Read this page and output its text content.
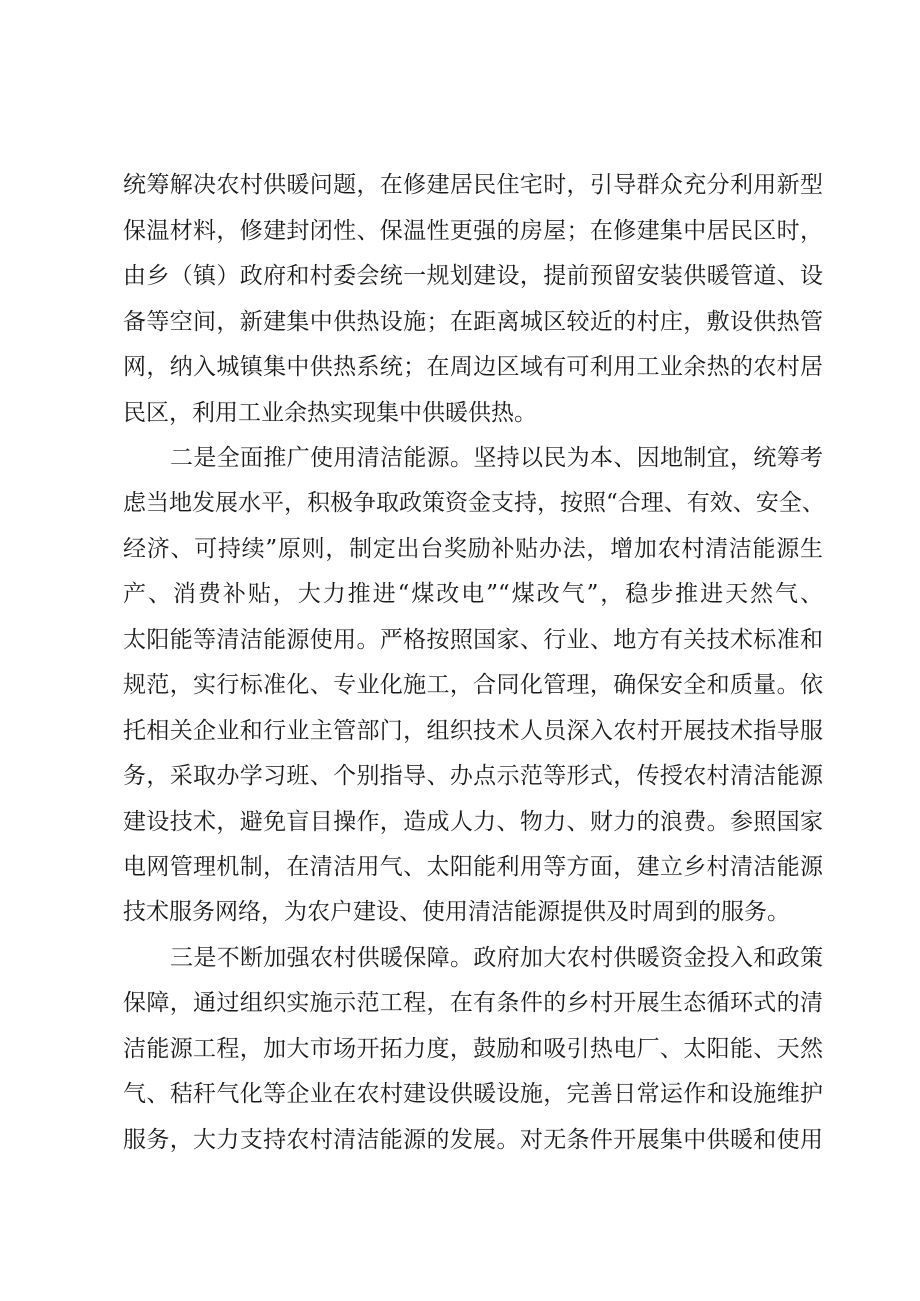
统筹解决农村供暖问题，在修建居民住宅时，引导群众充分利用新型
保温材料，修建封闭性、保温性更强的房屋；在修建集中居民区时，
由乡（镇）政府和村委会统一规划建设，提前预留安装供暖管道、设
备等空间，新建集中供热设施；在距离城区较近的村庄，敷设供热管
网，纳入城镇集中供热系统；在周边区域有可利用工业余热的农村居
民区，利用工业余热实现集中供暖供热。
二是全面推广使用清洁能源。坚持以民为本、因地制宜，统筹考
虑当地发展水平，积极争取政策资金支持，按照“合理、有效、安全、
经济、可持续”原则，制定出台奖励补贴办法，增加农村清洁能源生
产、消费补贴，大力推进“煤改电”“煤改气”，稳步推进天然气、
太阳能等清洁能源使用。严格按照国家、行业、地方有关技术标准和
规范，实行标准化、专业化施工，合同化管理，确保安全和质量。依
托相关企业和行业主管部门，组织技术人员深入农村开展技术指导服
务，采取办学习班、个别指导、办点示范等形式，传授农村清洁能源
建设技术，避免盲目操作，造成人力、物力、财力的浪费。参照国家
电网管理机制，在清洁用气、太阳能利用等方面，建立乡村清洁能源
技术服务网络，为农户建设、使用清洁能源提供及时周到的服务。
三是不断加强农村供暖保障。政府加大农村供暖资金投入和政策
保障，通过组织实施示范工程，在有条件的乡村开展生态循环式的清
洁能源工程，加大市场开拓力度，鼓励和吸引热电厂、太阳能、天然
气、秸秆气化等企业在农村建设供暖设施，完善日常运作和设施维护
服务，大力支持农村清洁能源的发展。对无条件开展集中供暖和使用
